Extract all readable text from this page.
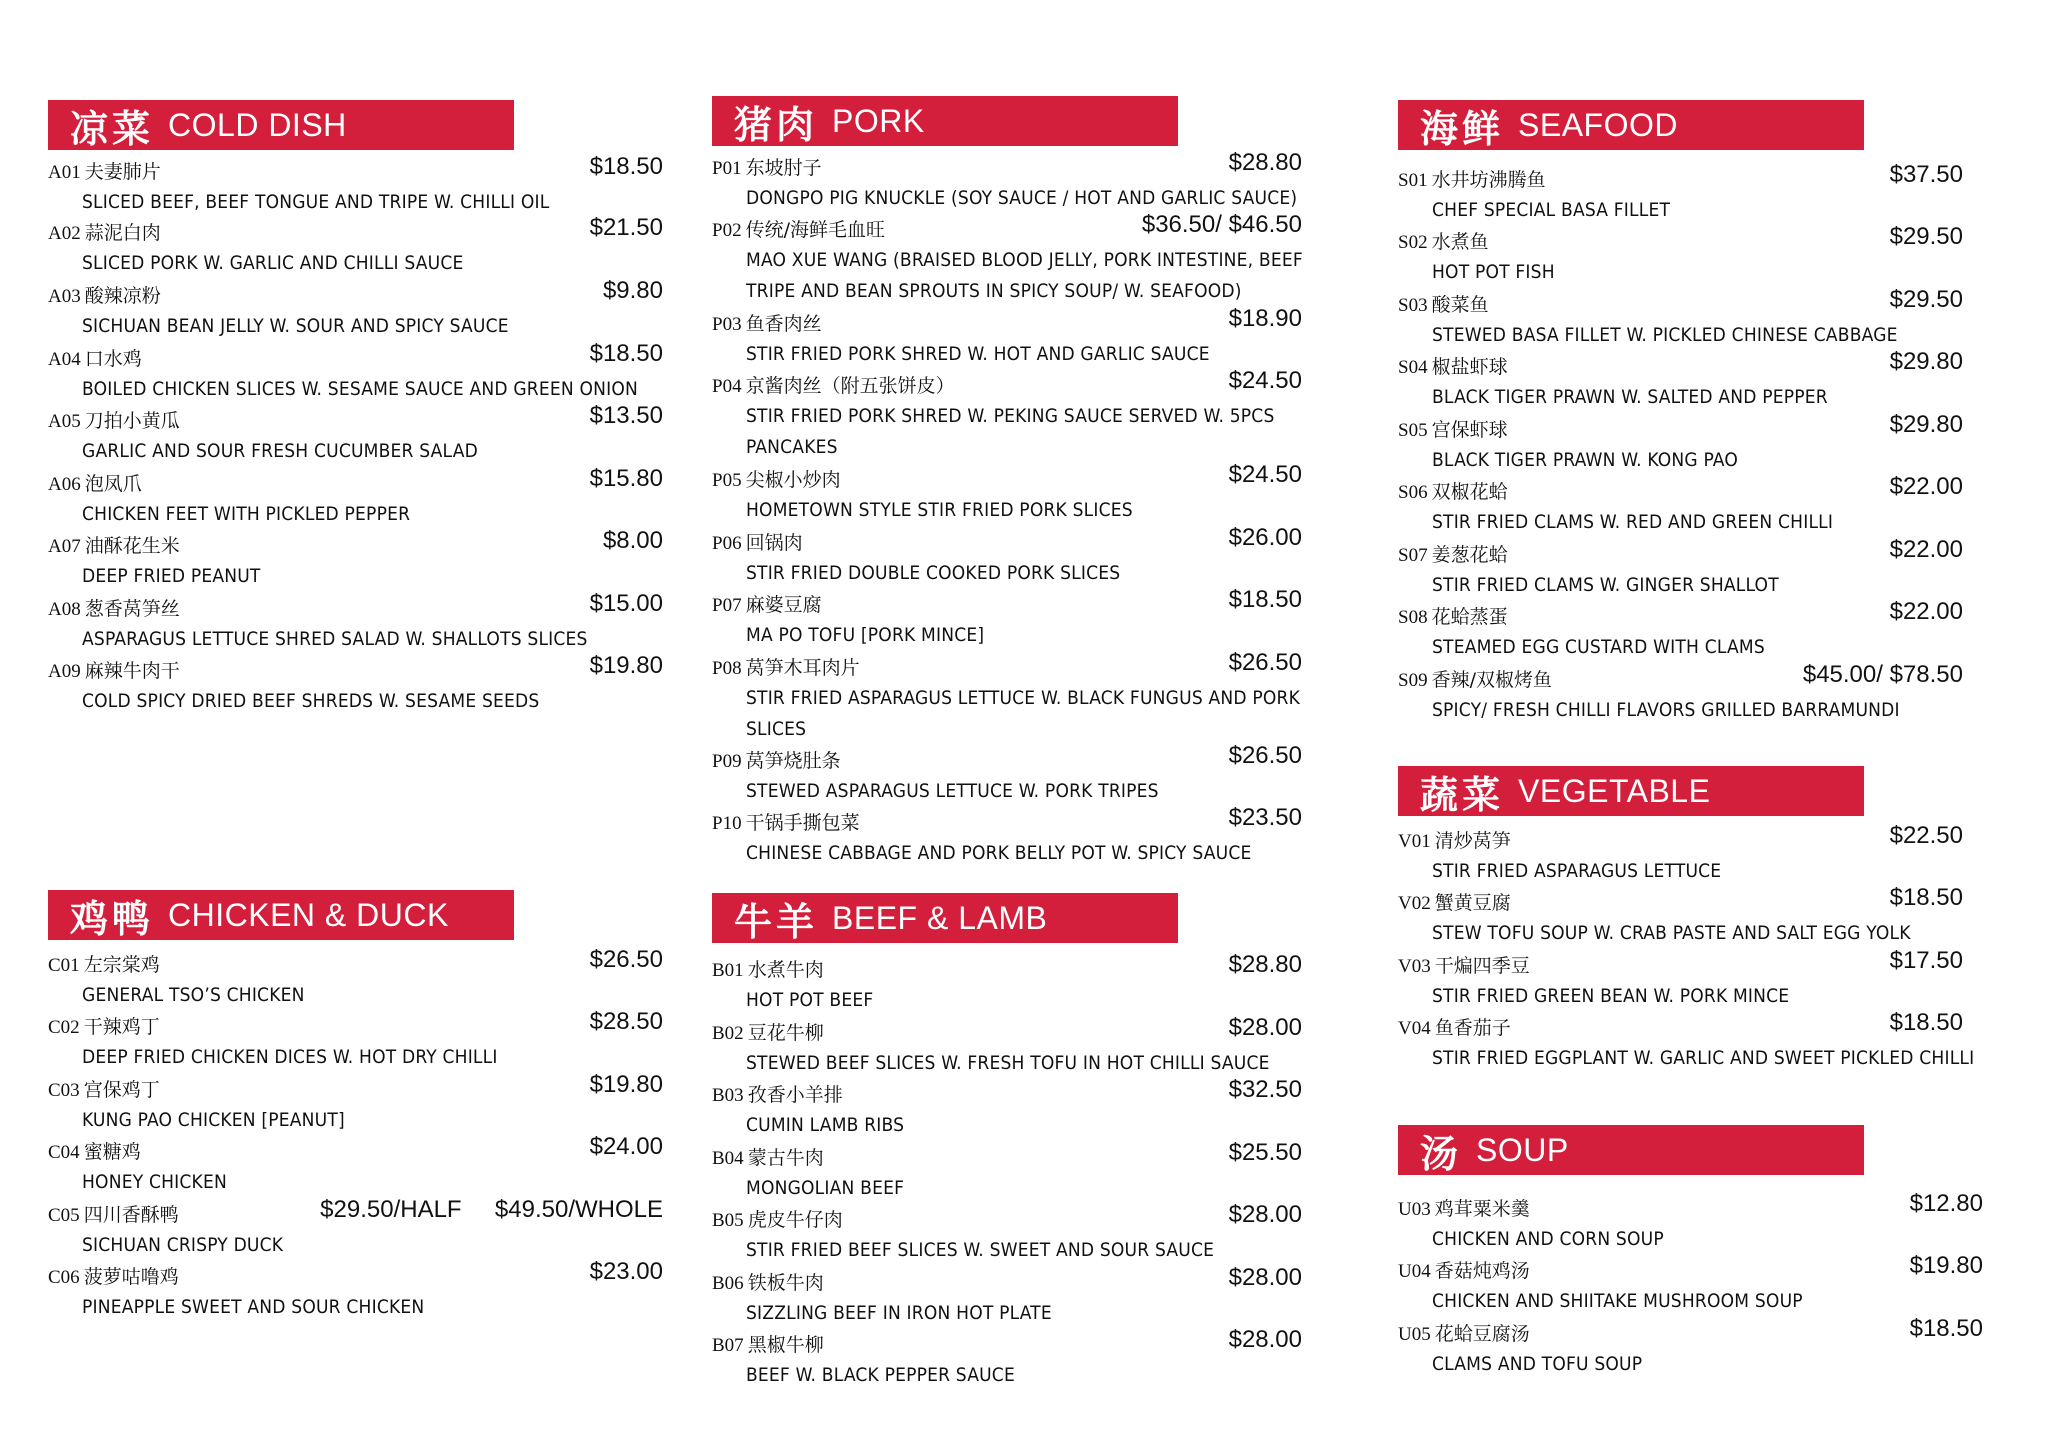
凉菜 COLD DISH
A01 夫妻肺片	$18.50
SLICED BEEF, BEEF TONGUE AND TRIPE W. CHILLI OIL
A02 蒜泥白肉	$21.50
SLICED PORK W. GARLIC AND CHILLI SAUCE
A03 酸辣凉粉	$9.80
SICHUAN BEAN JELLY W. SOUR AND SPICY SAUCE
A04 口水鸡	$18.50
BOILED CHICKEN SLICES W. SESAME SAUCE AND GREEN ONION
A05 刀拍小黄瓜	$13.50
GARLIC AND SOUR FRESH CUCUMBER SALAD
A06 泡凤爪	$15.80
CHICKEN FEET WITH PICKLED PEPPER
A07 油酥花生米	$8.00
DEEP FRIED PEANUT
A08 葱香莴笋丝	$15.00
ASPARAGUS LETTUCE SHRED SALAD W. SHALLOTS SLICES
A09 麻辣牛肉干	$19.80
COLD SPICY DRIED BEEF SHREDS W. SESAME SEEDS
鸡鸭 CHICKEN & DUCK
C01 左宗棠鸡	$26.50
GENERAL TSO’S CHICKEN
C02 干辣鸡丁	$28.50
DEEP FRIED CHICKEN DICES W. HOT DRY CHILLI
C03 宫保鸡丁	$19.80
KUNG PAO CHICKEN [PEANUT]
C04 蜜糖鸡	$24.00
HONEY CHICKEN
C05 四川香酥鸭	$29.50/HALF     $49.50/WHOLE
SICHUAN CRISPY DUCK
C06 菠萝咕噜鸡	$23.00
PINEAPPLE SWEET AND SOUR CHICKEN
猪肉 PORK
P01 东坡肘子	$28.80
DONGPO PIG KNUCKLE (SOY SAUCE / HOT AND GARLIC SAUCE)
P02 传统/海鲜毛血旺	$36.50/ $46.50
MAO XUE WANG (BRAISED BLOOD JELLY, PORK INTESTINE, BEEF TRIPE AND BEAN SPROUTS IN SPICY SOUP/ W. SEAFOOD)
P03 鱼香肉丝	$18.90
STIR FRIED PORK SHRED W. HOT AND GARLIC SAUCE
P04 京酱肉丝（附五张饼皮）	$24.50
STIR FRIED PORK SHRED W. PEKING SAUCE SERVED W. 5PCS PANCAKES
P05 尖椒小炒肉	$24.50
HOMETOWN STYLE STIR FRIED PORK SLICES
P06 回锅肉	$26.00
STIR FRIED DOUBLE COOKED PORK SLICES
P07 麻婆豆腐	$18.50
MA PO TOFU [PORK MINCE]
P08 莴笋木耳肉片	$26.50
STIR FRIED ASPARAGUS LETTUCE W. BLACK FUNGUS AND PORK SLICES
P09 莴笋烧肚条	$26.50
STEWED ASPARAGUS LETTUCE W. PORK TRIPES
P10 干锅手撕包菜	$23.50
CHINESE CABBAGE AND PORK BELLY POT W. SPICY SAUCE
牛羊 BEEF & LAMB
B01 水煮牛肉	$28.80
HOT POT BEEF
B02 豆花牛柳	$28.00
STEWED BEEF SLICES W. FRESH TOFU IN HOT CHILLI SAUCE
B03 孜香小羊排	$32.50
CUMIN LAMB RIBS
B04 蒙古牛肉	$25.50
MONGOLIAN BEEF
B05 虎皮牛仔肉	$28.00
STIR FRIED BEEF SLICES W. SWEET AND SOUR SAUCE
B06 铁板牛肉	$28.00
SIZZLING BEEF IN IRON HOT PLATE
B07 黑椒牛柳	$28.00
BEEF W. BLACK PEPPER SAUCE
海鲜 SEAFOOD
S01 水井坊沸腾鱼	$37.50
CHEF SPECIAL BASA FILLET
S02 水煮鱼	$29.50
HOT POT FISH
S03 酸菜鱼	$29.50
STEWED BASA FILLET W. PICKLED CHINESE CABBAGE
S04 椒盐虾球	$29.80
BLACK TIGER PRAWN W. SALTED AND PEPPER
S05 宫保虾球	$29.80
BLACK TIGER PRAWN W. KONG PAO
S06 双椒花蛤	$22.00
STIR FRIED CLAMS W. RED AND GREEN CHILLI
S07 姜葱花蛤	$22.00
STIR FRIED CLAMS W. GINGER SHALLOT
S08 花蛤蒸蛋	$22.00
STEAMED EGG CUSTARD WITH CLAMS
S09 香辣/双椒烤鱼	$45.00/ $78.50
SPICY/ FRESH CHILLI FLAVORS GRILLED BARRAMUNDI
蔬菜 VEGETABLE
V01 清炒莴笋	$22.50
STIR FRIED ASPARAGUS LETTUCE
V02 蟹黄豆腐	$18.50
STEW TOFU SOUP W. CRAB PASTE AND SALT EGG YOLK
V03 干煸四季豆	$17.50
STIR FRIED GREEN BEAN W. PORK MINCE
V04 鱼香茄子	$18.50
STIR FRIED EGGPLANT W. GARLIC AND SWEET PICKLED CHILLI
汤 SOUP
U03 鸡茸粟米羹	$12.80
CHICKEN AND CORN SOUP
U04 香菇炖鸡汤	$19.80
CHICKEN AND SHIITAKE MUSHROOM SOUP
U05 花蛤豆腐汤	$18.50
CLAMS AND TOFU SOUP
